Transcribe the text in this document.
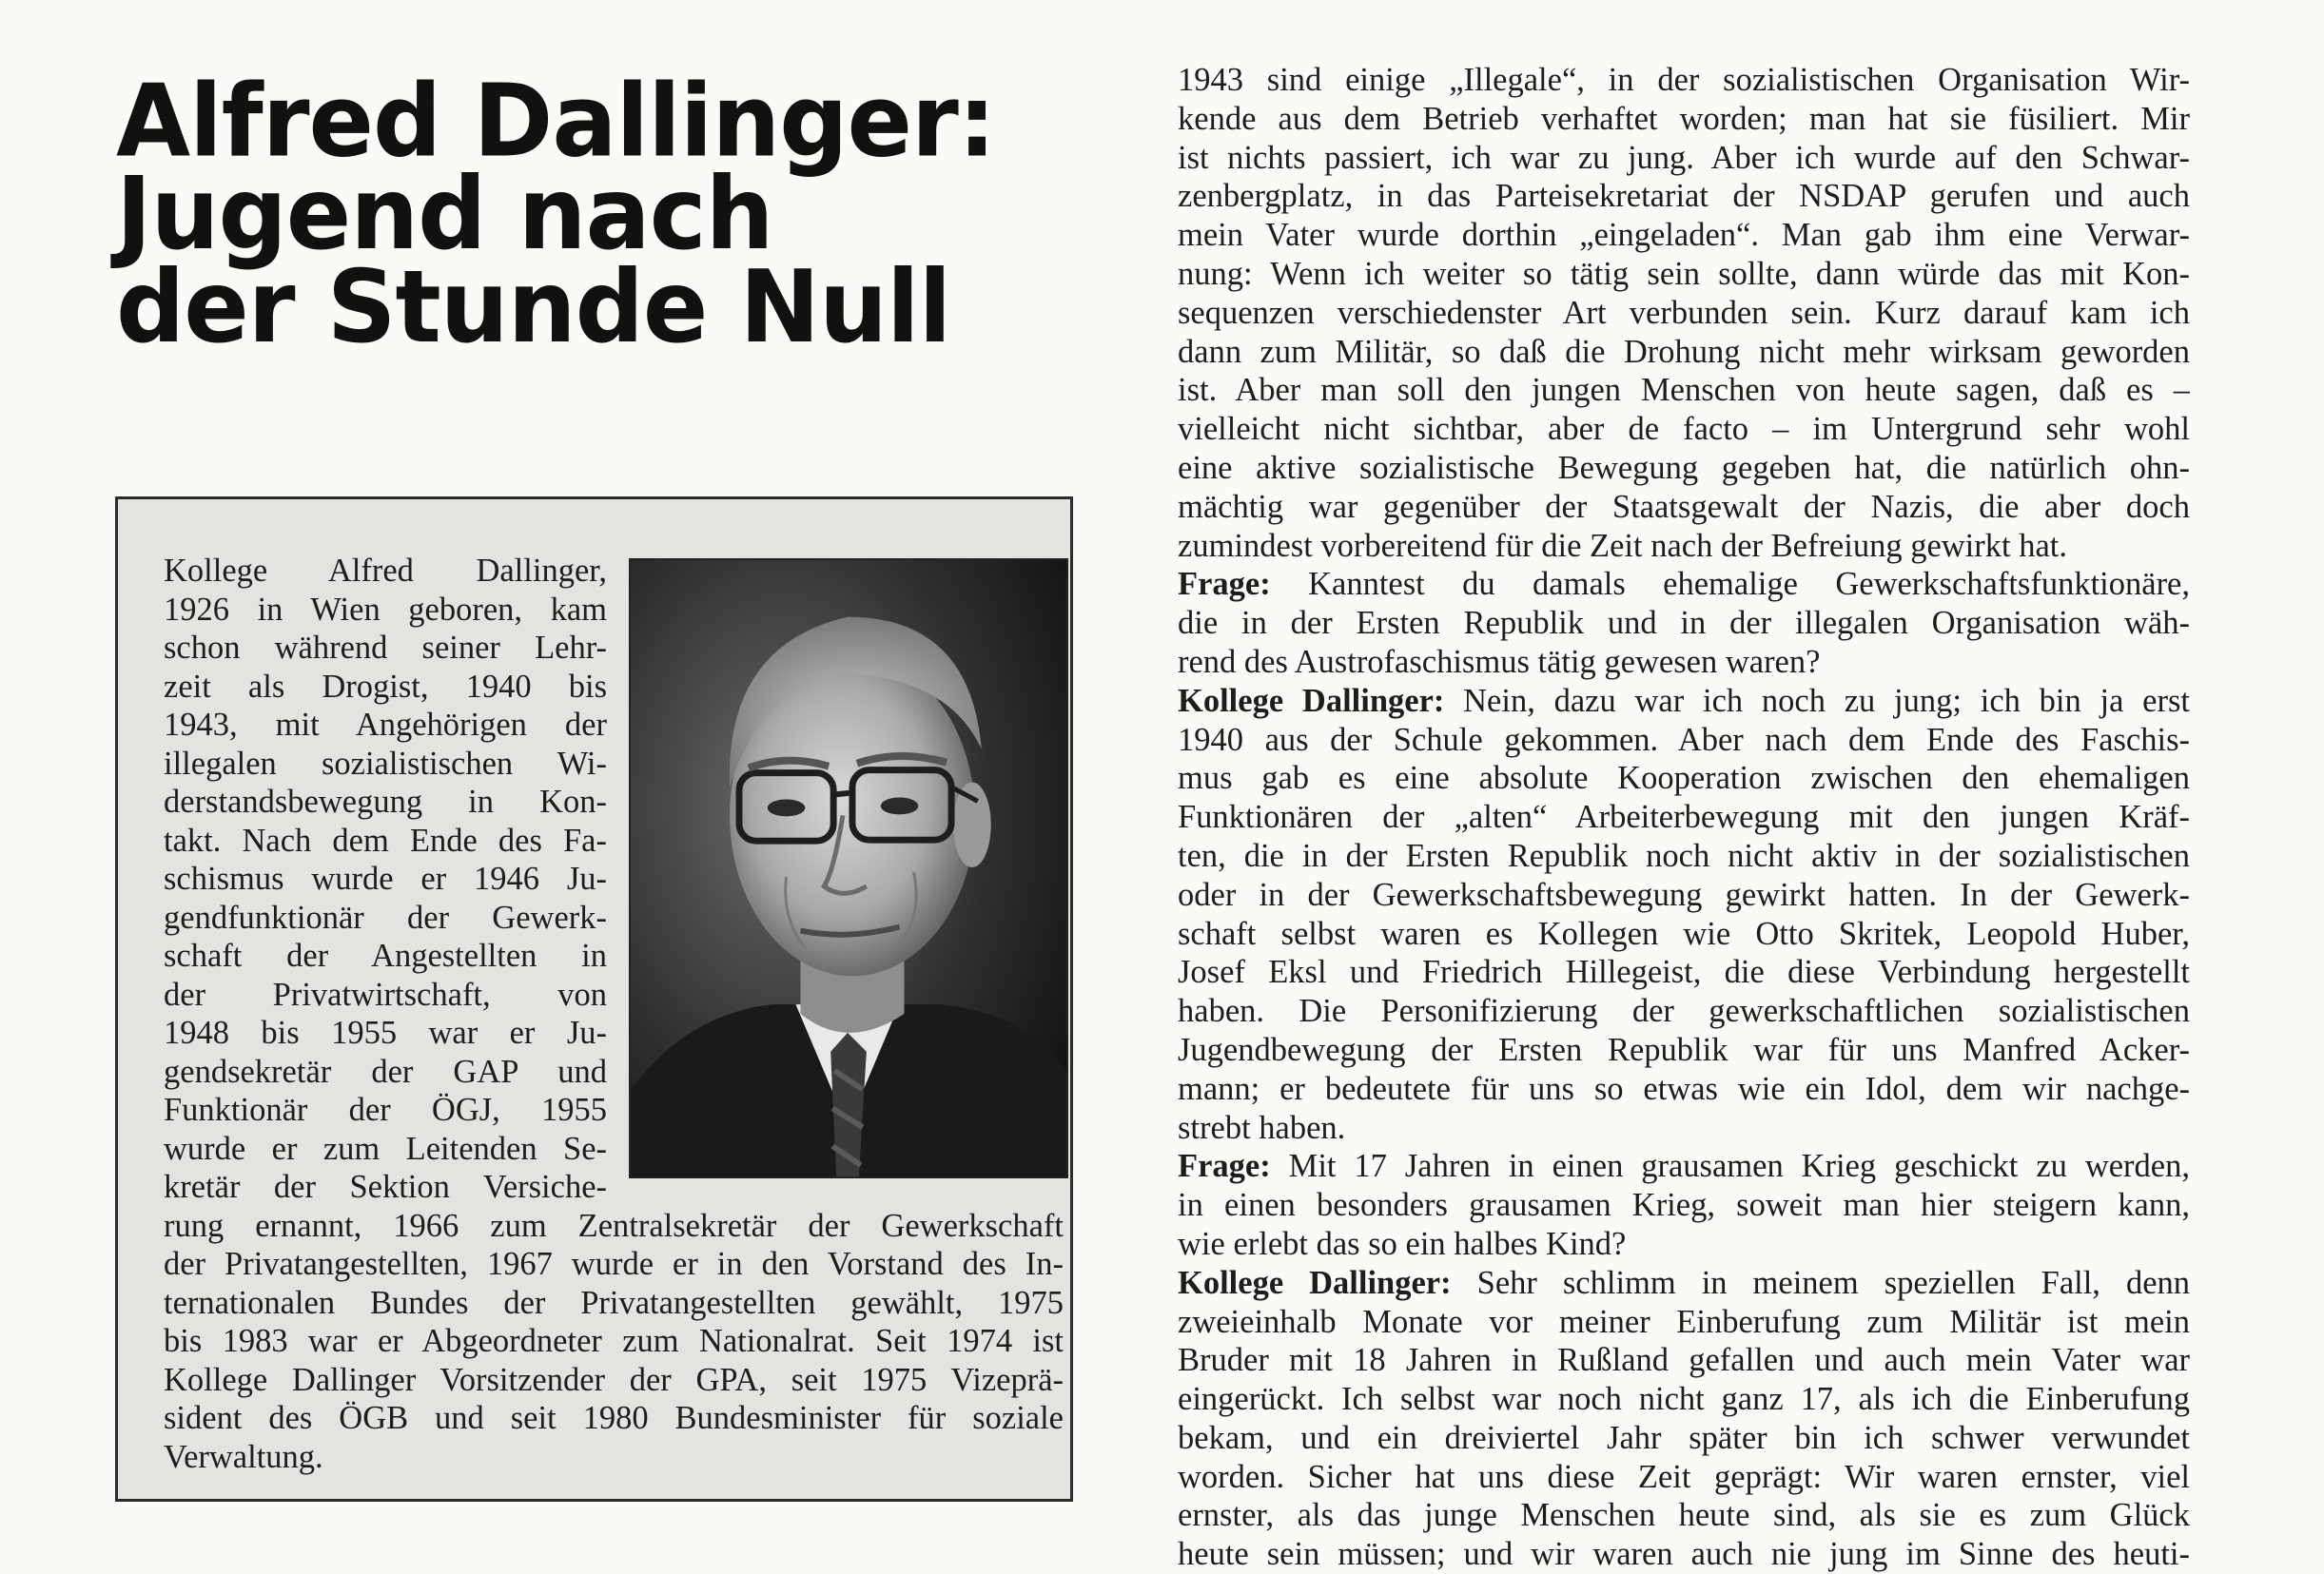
Alfred Dallinger:
Jugend nach
der Stunde Null
Kollege Alfred Dallinger,
1926 in Wien geboren, kam
schon während seiner Lehr-
zeit als Drogist, 1940 bis
1943, mit Angehörigen der
illegalen sozialistischen Wi-
derstandsbewegung in Kon-
takt. Nach dem Ende des Fa-
schismus wurde er 1946 Ju-
gendfunktionär der Gewerk-
schaft der Angestellten in
der Privatwirtschaft, von
1948 bis 1955 war er Ju-
gendsekretär der GAP und
Funktionär der ÖGJ, 1955
wurde er zum Leitenden Se-
kretär der Sektion Versiche-
rung ernannt, 1966 zum Zentralsekretär der Gewerkschaft
der Privatangestellten, 1967 wurde er in den Vorstand des In-
ternationalen Bundes der Privatangestellten gewählt, 1975
bis 1983 war er Abgeordneter zum Nationalrat. Seit 1974 ist
Kollege Dallinger Vorsitzender der GPA, seit 1975 Vizeprä-
sident des ÖGB und seit 1980 Bundesminister für soziale
Verwaltung.
1943 sind einige „Illegale“, in der sozialistischen Organisation Wir-
kende aus dem Betrieb verhaftet worden; man hat sie füsiliert. Mir
ist nichts passiert, ich war zu jung. Aber ich wurde auf den Schwar-
zenbergplatz, in das Parteisekretariat der NSDAP gerufen und auch
mein Vater wurde dorthin „eingeladen“. Man gab ihm eine Verwar-
nung: Wenn ich weiter so tätig sein sollte, dann würde das mit Kon-
sequenzen verschiedenster Art verbunden sein. Kurz darauf kam ich
dann zum Militär, so daß die Drohung nicht mehr wirksam geworden
ist. Aber man soll den jungen Menschen von heute sagen, daß es –
vielleicht nicht sichtbar, aber de facto – im Untergrund sehr wohl
eine aktive sozialistische Bewegung gegeben hat, die natürlich ohn-
mächtig war gegenüber der Staatsgewalt der Nazis, die aber doch
zumindest vorbereitend für die Zeit nach der Befreiung gewirkt hat.
Frage: Kanntest du damals ehemalige Gewerkschaftsfunktionäre,
die in der Ersten Republik und in der illegalen Organisation wäh-
rend des Austrofaschismus tätig gewesen waren?
Kollege Dallinger: Nein, dazu war ich noch zu jung; ich bin ja erst
1940 aus der Schule gekommen. Aber nach dem Ende des Faschis-
mus gab es eine absolute Kooperation zwischen den ehemaligen
Funktionären der „alten“ Arbeiterbewegung mit den jungen Kräf-
ten, die in der Ersten Republik noch nicht aktiv in der sozialistischen
oder in der Gewerkschaftsbewegung gewirkt hatten. In der Gewerk-
schaft selbst waren es Kollegen wie Otto Skritek, Leopold Huber,
Josef Eksl und Friedrich Hillegeist, die diese Verbindung hergestellt
haben. Die Personifizierung der gewerkschaftlichen sozialistischen
Jugendbewegung der Ersten Republik war für uns Manfred Acker-
mann; er bedeutete für uns so etwas wie ein Idol, dem wir nachge-
strebt haben.
Frage: Mit 17 Jahren in einen grausamen Krieg geschickt zu werden,
in einen besonders grausamen Krieg, soweit man hier steigern kann,
wie erlebt das so ein halbes Kind?
Kollege Dallinger: Sehr schlimm in meinem speziellen Fall, denn
zweieinhalb Monate vor meiner Einberufung zum Militär ist mein
Bruder mit 18 Jahren in Rußland gefallen und auch mein Vater war
eingerückt. Ich selbst war noch nicht ganz 17, als ich die Einberufung
bekam, und ein dreiviertel Jahr später bin ich schwer verwundet
worden. Sicher hat uns diese Zeit geprägt: Wir waren ernster, viel
ernster, als das junge Menschen heute sind, als sie es zum Glück
heute sein müssen; und wir waren auch nie jung im Sinne des heuti-
